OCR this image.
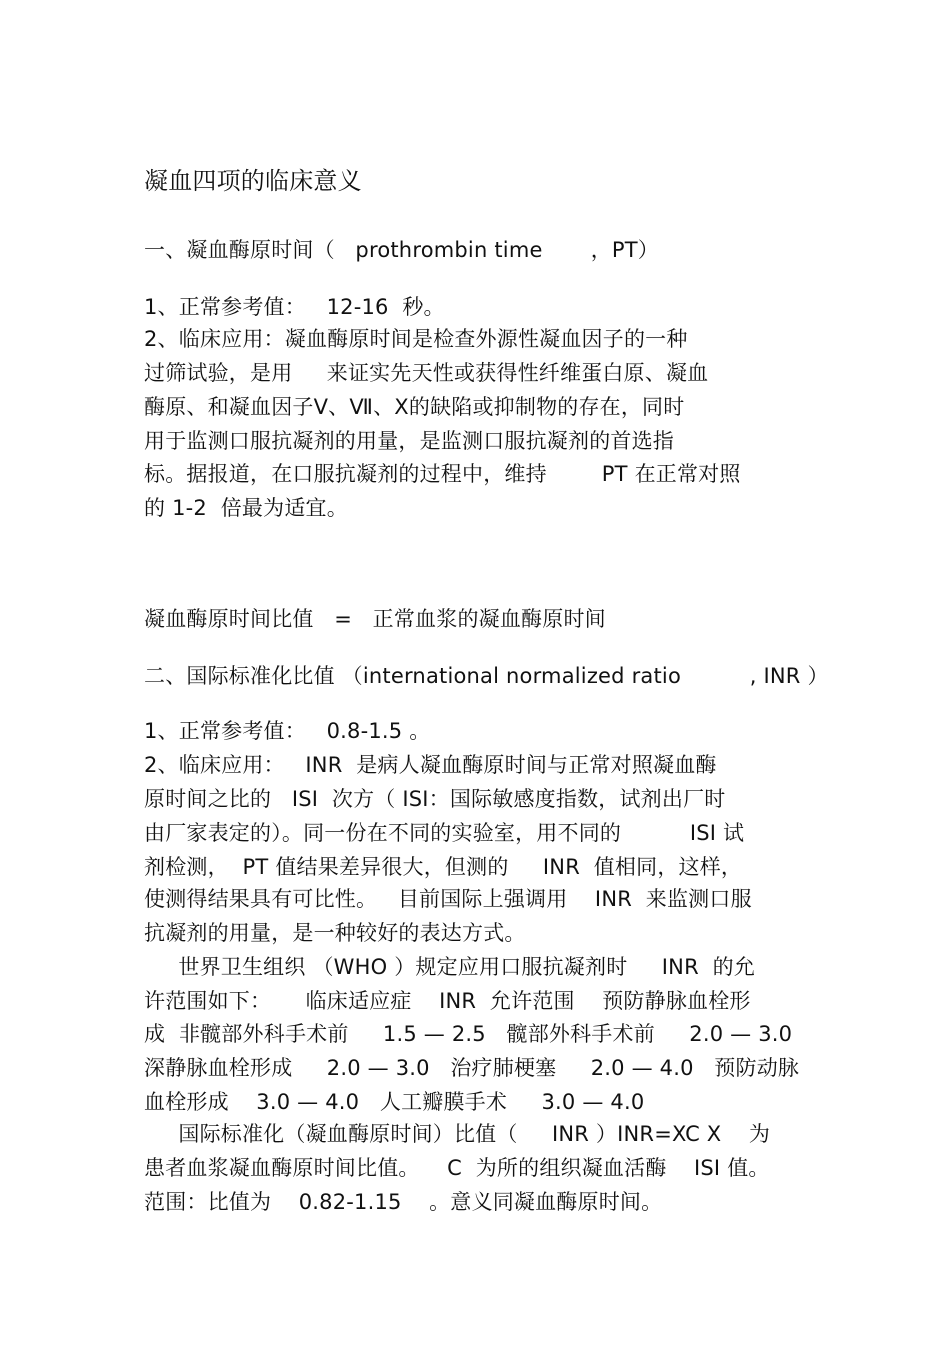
凝血四项的临床意义
一、凝血酶原时间（   prothrombin time       ，PT）
1、正常参考值：   12-16  秒。
2、临床应用：凝血酶原时间是检查外源性凝血因子的一种
过筛试验，是用     来证实先天性或获得性纤维蛋白原、凝血
酶原、和凝血因子Ⅴ、Ⅶ、Ⅹ的缺陷或抑制物的存在，同时
用于监测口服抗凝剂的用量，是监测口服抗凝剂的首选指
标。据报道，在口服抗凝剂的过程中，维持        PT 在正常对照
的 1-2  倍最为适宜。
凝血酶原时间比值   =   正常血浆的凝血酶原时间
二、国际标准化比值 （international normalized ratio          , INR ）
1、正常参考值：   0.8-1.5 。
2、临床应用：   INR  是病人凝血酶原时间与正常对照凝血酶
原时间之比的   ISI  次方（ ISI：国际敏感度指数，试剂出厂时
由厂家表定的）。同一份在不同的实验室，用不同的          ISI 试
剂检测，  PT 值结果差异很大，但测的     INR  值相同，这样，
使测得结果具有可比性。   目前国际上强调用    INR  来监测口服
抗凝剂的用量，是一种较好的表达方式。
世界卫生组织 （WHO ）规定应用口服抗凝剂时     INR  的允
许范围如下：     临床适应症    INR  允许范围    预防静脉血栓形
成  非髋部外科手术前     1.5 — 2.5   髋部外科手术前     2.0 — 3.0
深静脉血栓形成     2.0 — 3.0   治疗肺梗塞     2.0 — 4.0   预防动脉
血栓形成    3.0 — 4.0   人工瓣膜手术     3.0 — 4.0
国际标准化（凝血酶原时间）比值（     INR ）INR=XC X    为
患者血浆凝血酶原时间比值。    C  为所的组织凝血活酶    ISI 值。
范围：比值为    0.82-1.15    。意义同凝血酶原时间。
